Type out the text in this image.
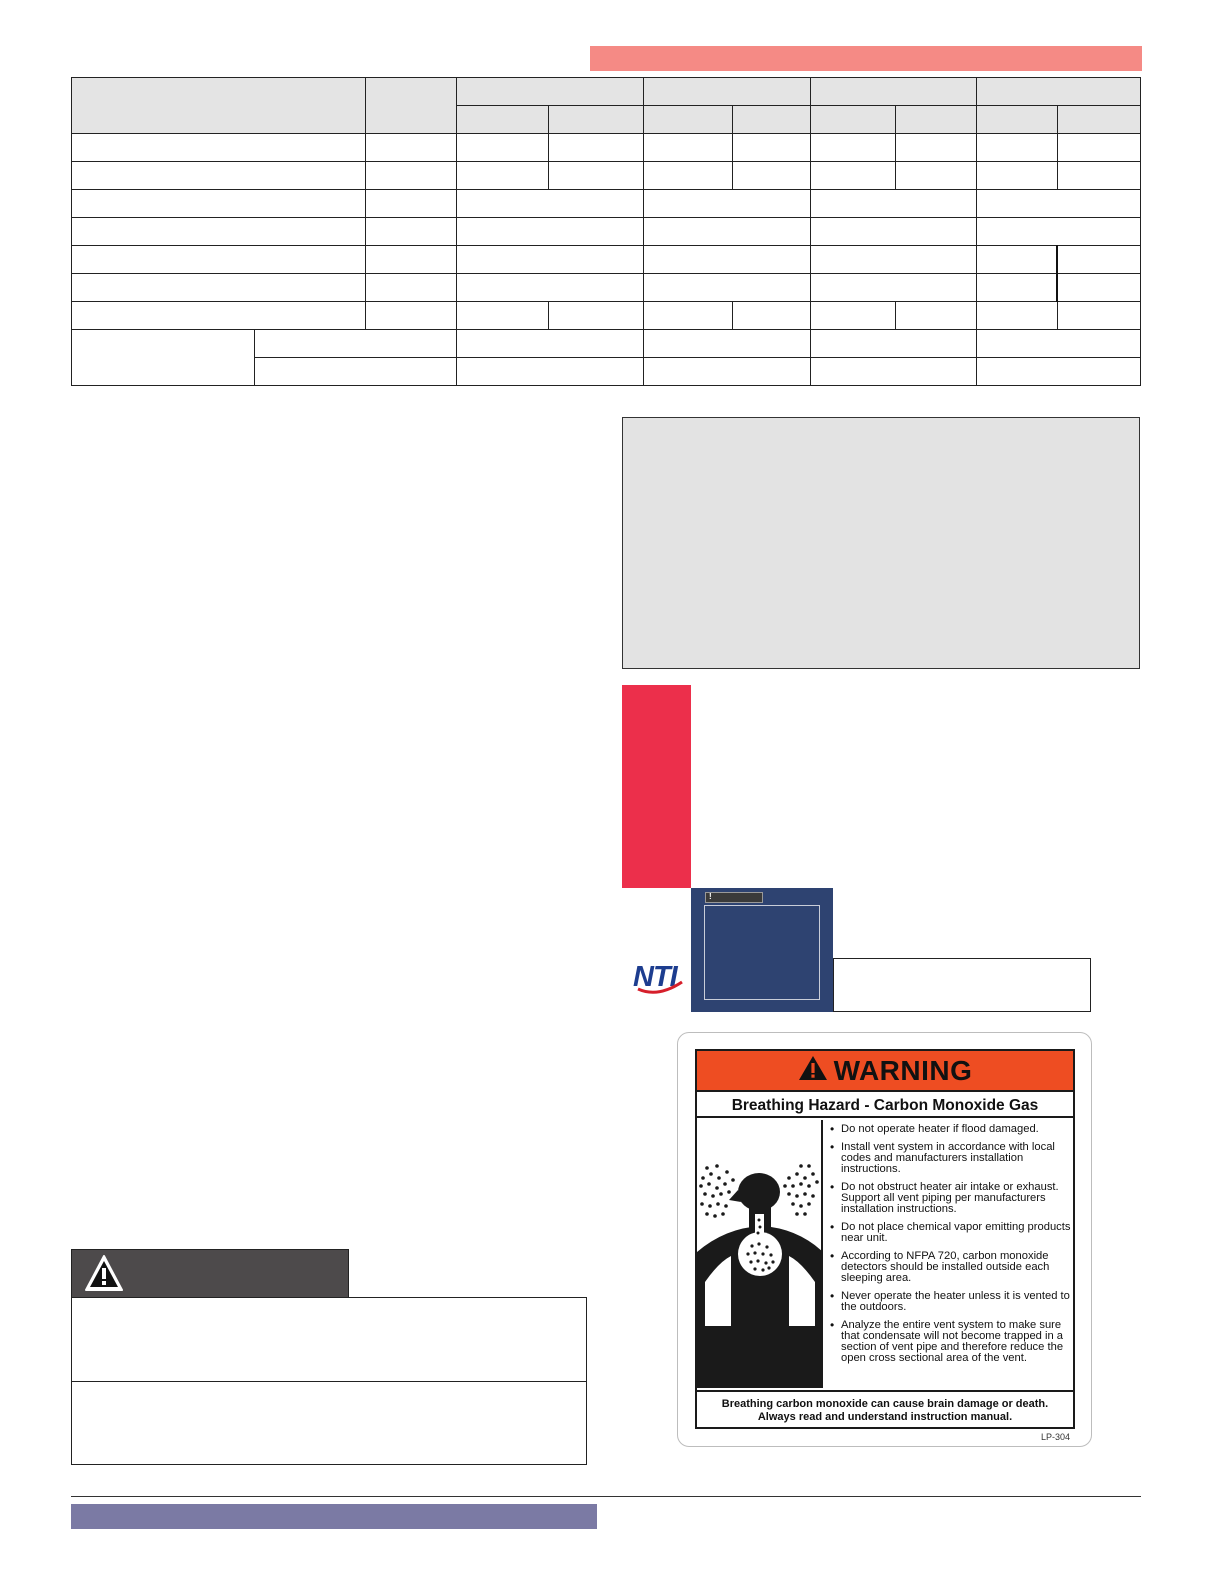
NTI
!
WARNING
Breathing Hazard - Carbon Monoxide Gas
• Do not operate heater if flood damaged.
• Install vent system in accordance with local codes and manufacturers installation instructions.
• Do not obstruct heater air intake or exhaust. Support all vent piping per manufacturers installation instructions.
• Do not place chemical vapor emitting products near unit.
• According to NFPA 720, carbon monoxide detectors should be installed outside each sleeping area.
• Never operate the heater unless it is vented to the outdoors.
• Analyze the entire vent system to make sure that condensate will not become trapped in a section of vent pipe and therefore reduce the open cross sectional area of the vent.
Breathing carbon monoxide can cause brain damage or death.
Always read and understand instruction manual.
LP-304
